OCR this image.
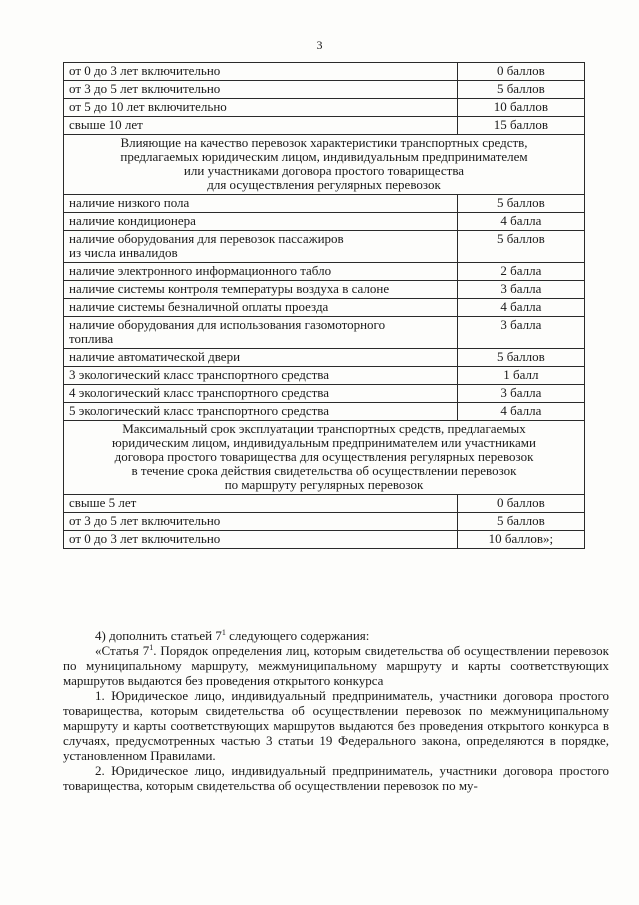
3
от 0 до 3 лет включительно	0 баллов
от 3 до 5 лет включительно	5 баллов
от 5 до 10 лет включительно	10 баллов
свыше 10 лет	15 баллов

Влияющие на качество перевозок характеристики транспортных средств,
предлагаемых юридическим лицом, индивидуальным предпринимателем
или участниками договора простого товарищества
для осуществления регулярных перевозок	

наличие низкого пола	5 баллов

наличие кондиционера	4 балла

наличие оборудования для перевозок пассажиров
из числа инвалидов	5 баллов

наличие электронного информационного табло	2 балла

наличие системы контроля температуры воздуха в салоне	3 балла

наличие системы безналичной оплаты проезда	4 балла

наличие оборудования для использования газомоторного
топлива	3 балла

наличие автоматической двери	5 баллов

3 экологический класс транспортного средства	1 балл

4 экологический класс транспортного средства	3 балла

5 экологический класс транспортного средства	4 балла

Максимальный срок эксплуатации транспортных средств, предлагаемых
юридическим лицом, индивидуальным предпринимателем или участниками
договора простого товарищества для осуществления регулярных перевозок
в течение срока действия свидетельства об осуществлении перевозок
по маршруту регулярных перевозок	

свыше 5 лет	0 баллов
от 3 до 5 лет включительно	5 баллов
от 0 до 3 лет включительно	10 баллов»;

4) дополнить статьей $7^1$ следующего содержания:

«Статья $7^1$. Порядок определения лиц, которым свидетельства об осуществлении перевозок по муниципальному маршруту, межмуниципальному маршруту и карты соответствующих маршрутов выдаются без проведения открытого конкурса

1. Юридическое лицо, индивидуальный предприниматель, участники договора простого товарищества, которым свидетельства об осуществлении перевозок по межмуниципальному маршруту и карты соответствующих маршрутов выдаются без проведения открытого конкурса в случаях, предусмотренных частью 3 статьи 19 Федерального закона, определяются в порядке, установленном Правилами.

2. Юридическое лицо, индивидуальный предприниматель, участники договора простого товарищества, которым свидетельства об осуществлении перевозок по му-
